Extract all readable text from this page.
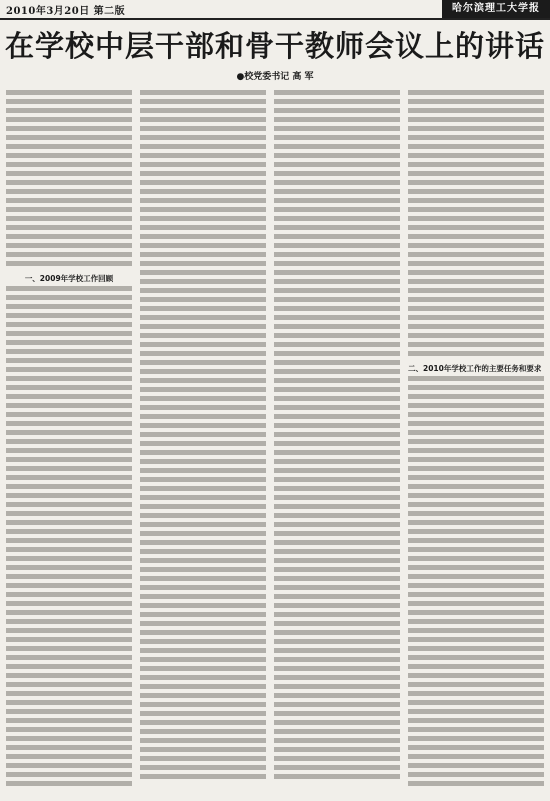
2010年3月20日 第二版	哈尔滨理工大学报
在学校中层干部和骨干教师会议上的讲话
●校党委书记 高 军
一、2009年学校工作回顾
二、2010年学校工作的主要任务和要求
